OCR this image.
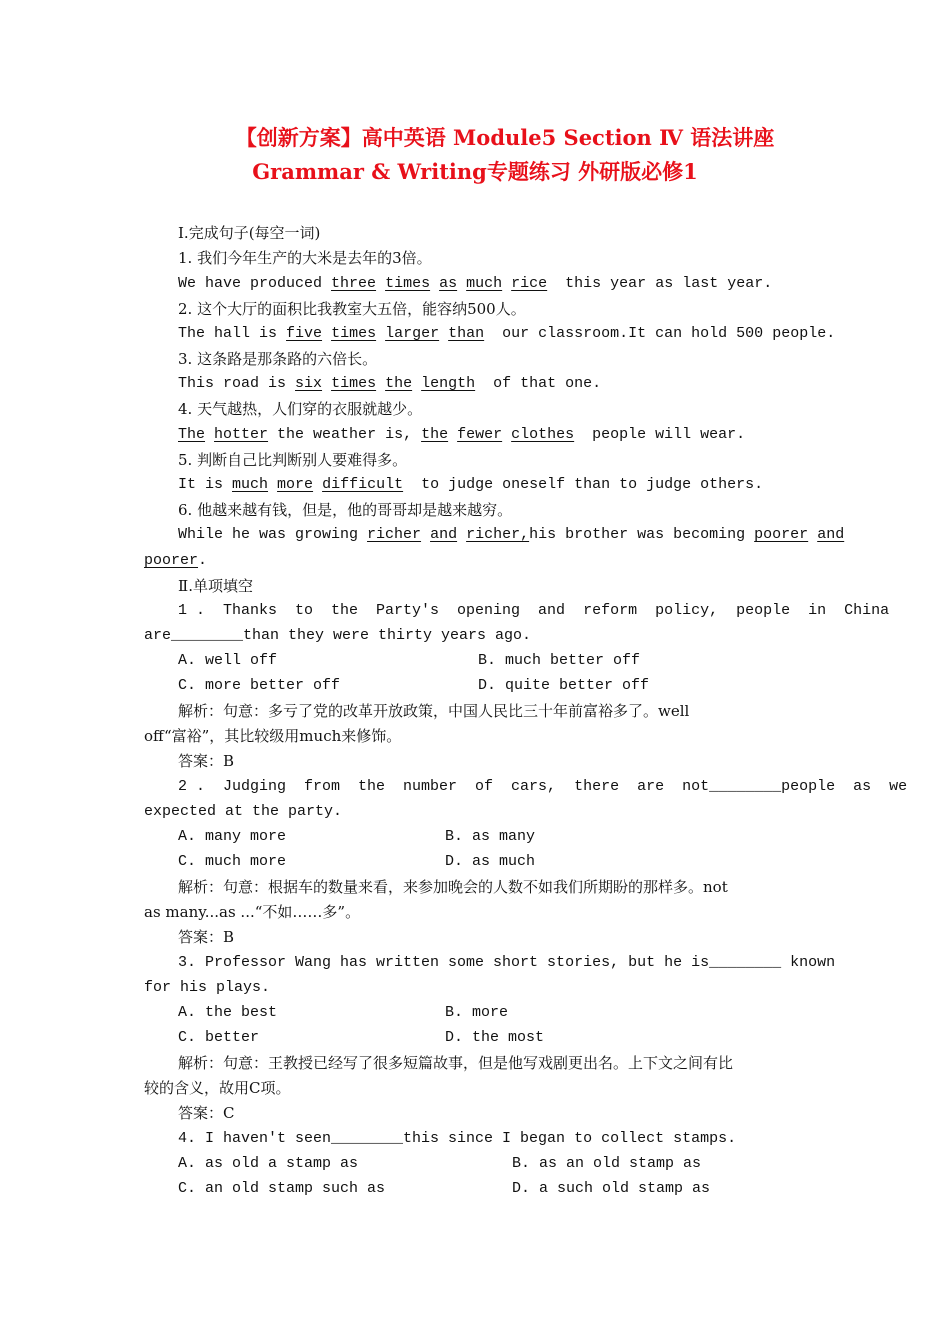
【创新方案】高中英语 Module5 Section Ⅳ 语法讲座
Grammar & Writing专题练习 外研版必修1
Ⅰ.完成句子(每空一词)
1. 我们今年生产的大米是去年的3倍。
We have produced three times as much rice  this year as last year.
2. 这个大厅的面积比我教室大五倍，能容纳500人。
The hall is five times larger than  our classroom.It can hold 500 people.
3. 这条路是那条路的六倍长。
This road is six times the length  of that one.
4. 天气越热，人们穿的衣服就越少。
The hotter the weather is, the fewer clothes  people will wear.
5. 判断自己比判断别人要难得多。
It is much more difficult  to judge oneself than to judge others.
6. 他越来越有钱，但是，他的哥哥却是越来越穷。
While he was growing richer and richer,his brother was becoming poorer and
poorer.
Ⅱ.单项填空
1 .  Thanks  to  the  Party's  opening  and  reform  policy,  people  in  China
are________than they were thirty years ago.
A. well off	B. much better off
C. more better off	D. quite better off
解析：句意：多亏了党的改革开放政策，中国人民比三十年前富裕多了。well
off“富裕”，其比较级用much来修饰。
答案：B
2 .  Judging  from  the  number  of  cars,  there  are  not________people  as  we
expected at the party.
A. many more	B. as many
C. much more	D. as much
解析：句意：根据车的数量来看，来参加晚会的人数不如我们所期盼的那样多。not
as many...as ...“不如……多”。
答案：B
3. Professor Wang has written some short stories, but he is________ known
for his plays.
A. the best	B. more
C. better	D. the most
解析：句意：王教授已经写了很多短篇故事，但是他写戏剧更出名。上下文之间有比
较的含义，故用C项。
答案：C
4. I haven't seen________this since I began to collect stamps.
A. as old a stamp as	B. as an old stamp as
C. an old stamp such as	D. a such old stamp as
